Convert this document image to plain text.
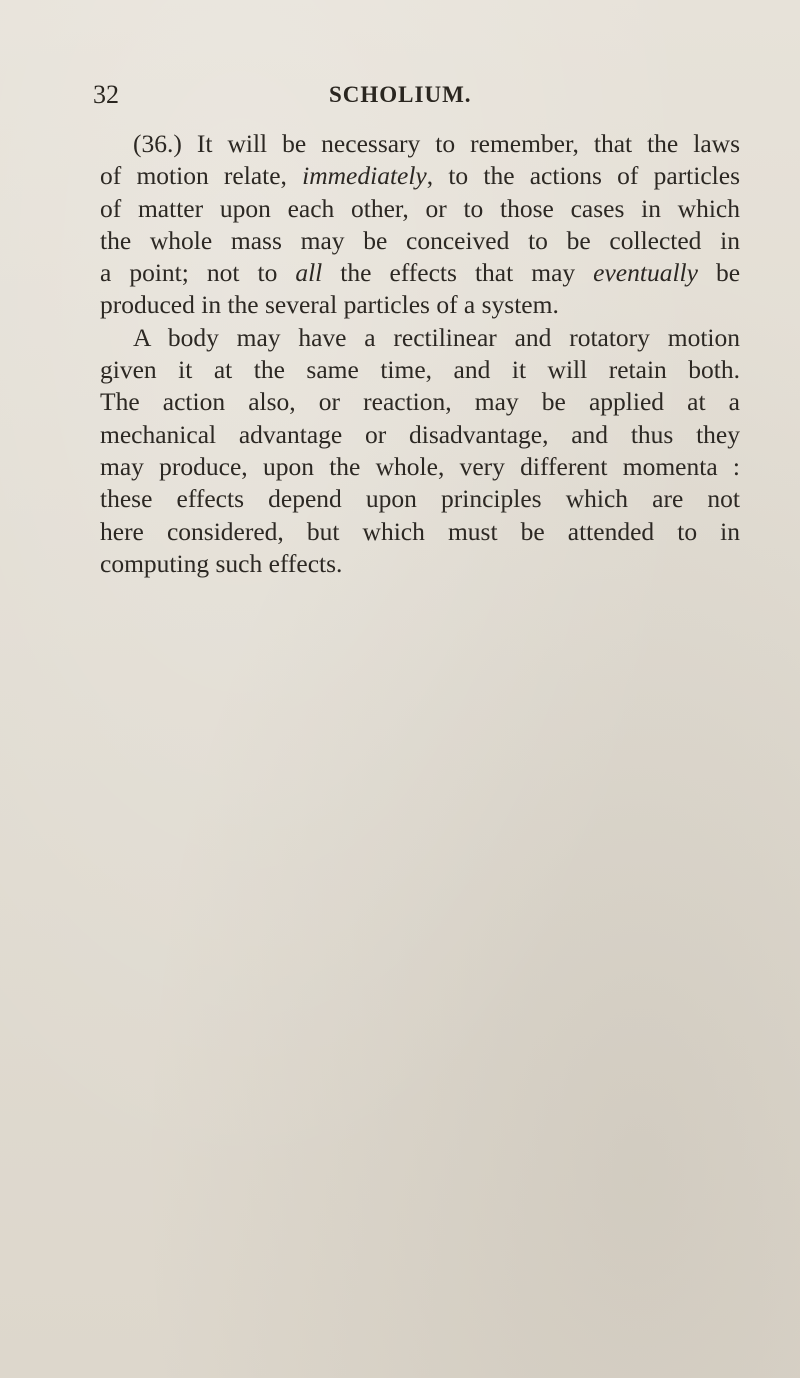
32	SCHOLIUM.

(36.) It will be necessary to remember, that the laws
of motion relate, immediately, to the actions of particles
of matter upon each other, or to those cases in which
the whole mass may be conceived to be collected in
a point; not to all the effects that may eventually be
produced in the several particles of a system.

A body may have a rectilinear and rotatory motion
given it at the same time, and it will retain both.
The action also, or reaction, may be applied at a
mechanical advantage or disadvantage, and thus they
may produce, upon the whole, very different momenta :
these effects depend upon principles which are not
here considered, but which must be attended to in
computing such effects.
